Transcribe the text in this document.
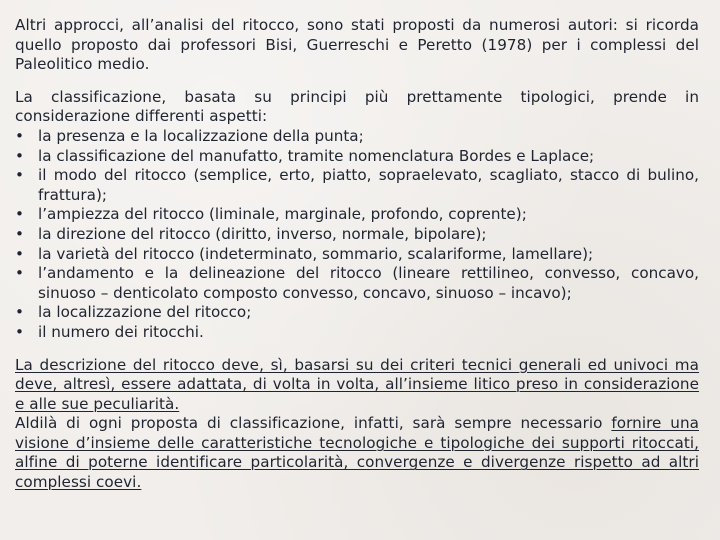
Altri approcci, all’analisi del ritocco, sono stati proposti da numerosi autori: si ricorda quello proposto dai professori Bisi, Guerreschi e Peretto (1978) per i complessi del Paleolitico medio.

La classificazione, basata su principi più prettamente tipologici, prende in considerazione differenti aspetti:

• la presenza e la localizzazione della punta;
• la classificazione del manufatto, tramite nomenclatura Bordes e Laplace;
• il modo del ritocco (semplice, erto, piatto, sopraelevato, scagliato, stacco di bulino, frattura);
• l’ampiezza del ritocco (liminale, marginale, profondo, coprente);
• la direzione del ritocco (diritto, inverso, normale, bipolare);
• la varietà del ritocco (indeterminato, sommario, scalariforme, lamellare);
• l’andamento e la delineazione del ritocco (lineare rettilineo, convesso, concavo, sinuoso – denticolato composto convesso, concavo, sinuoso – incavo);
• la localizzazione del ritocco;
• il numero dei ritocchi.

La descrizione del ritocco deve, sì, basarsi su dei criteri tecnici generali ed univoci ma deve, altresì, essere adattata, di volta in volta, all’insieme litico preso in considerazione e alle sue peculiarità.

Aldilà di ogni proposta di classificazione, infatti, sarà sempre necessario fornire una visione d’insieme delle caratteristiche tecnologiche e tipologiche dei supporti ritoccati, alfine di poterne identificare particolarità, convergenze e divergenze rispetto ad altri complessi coevi.
